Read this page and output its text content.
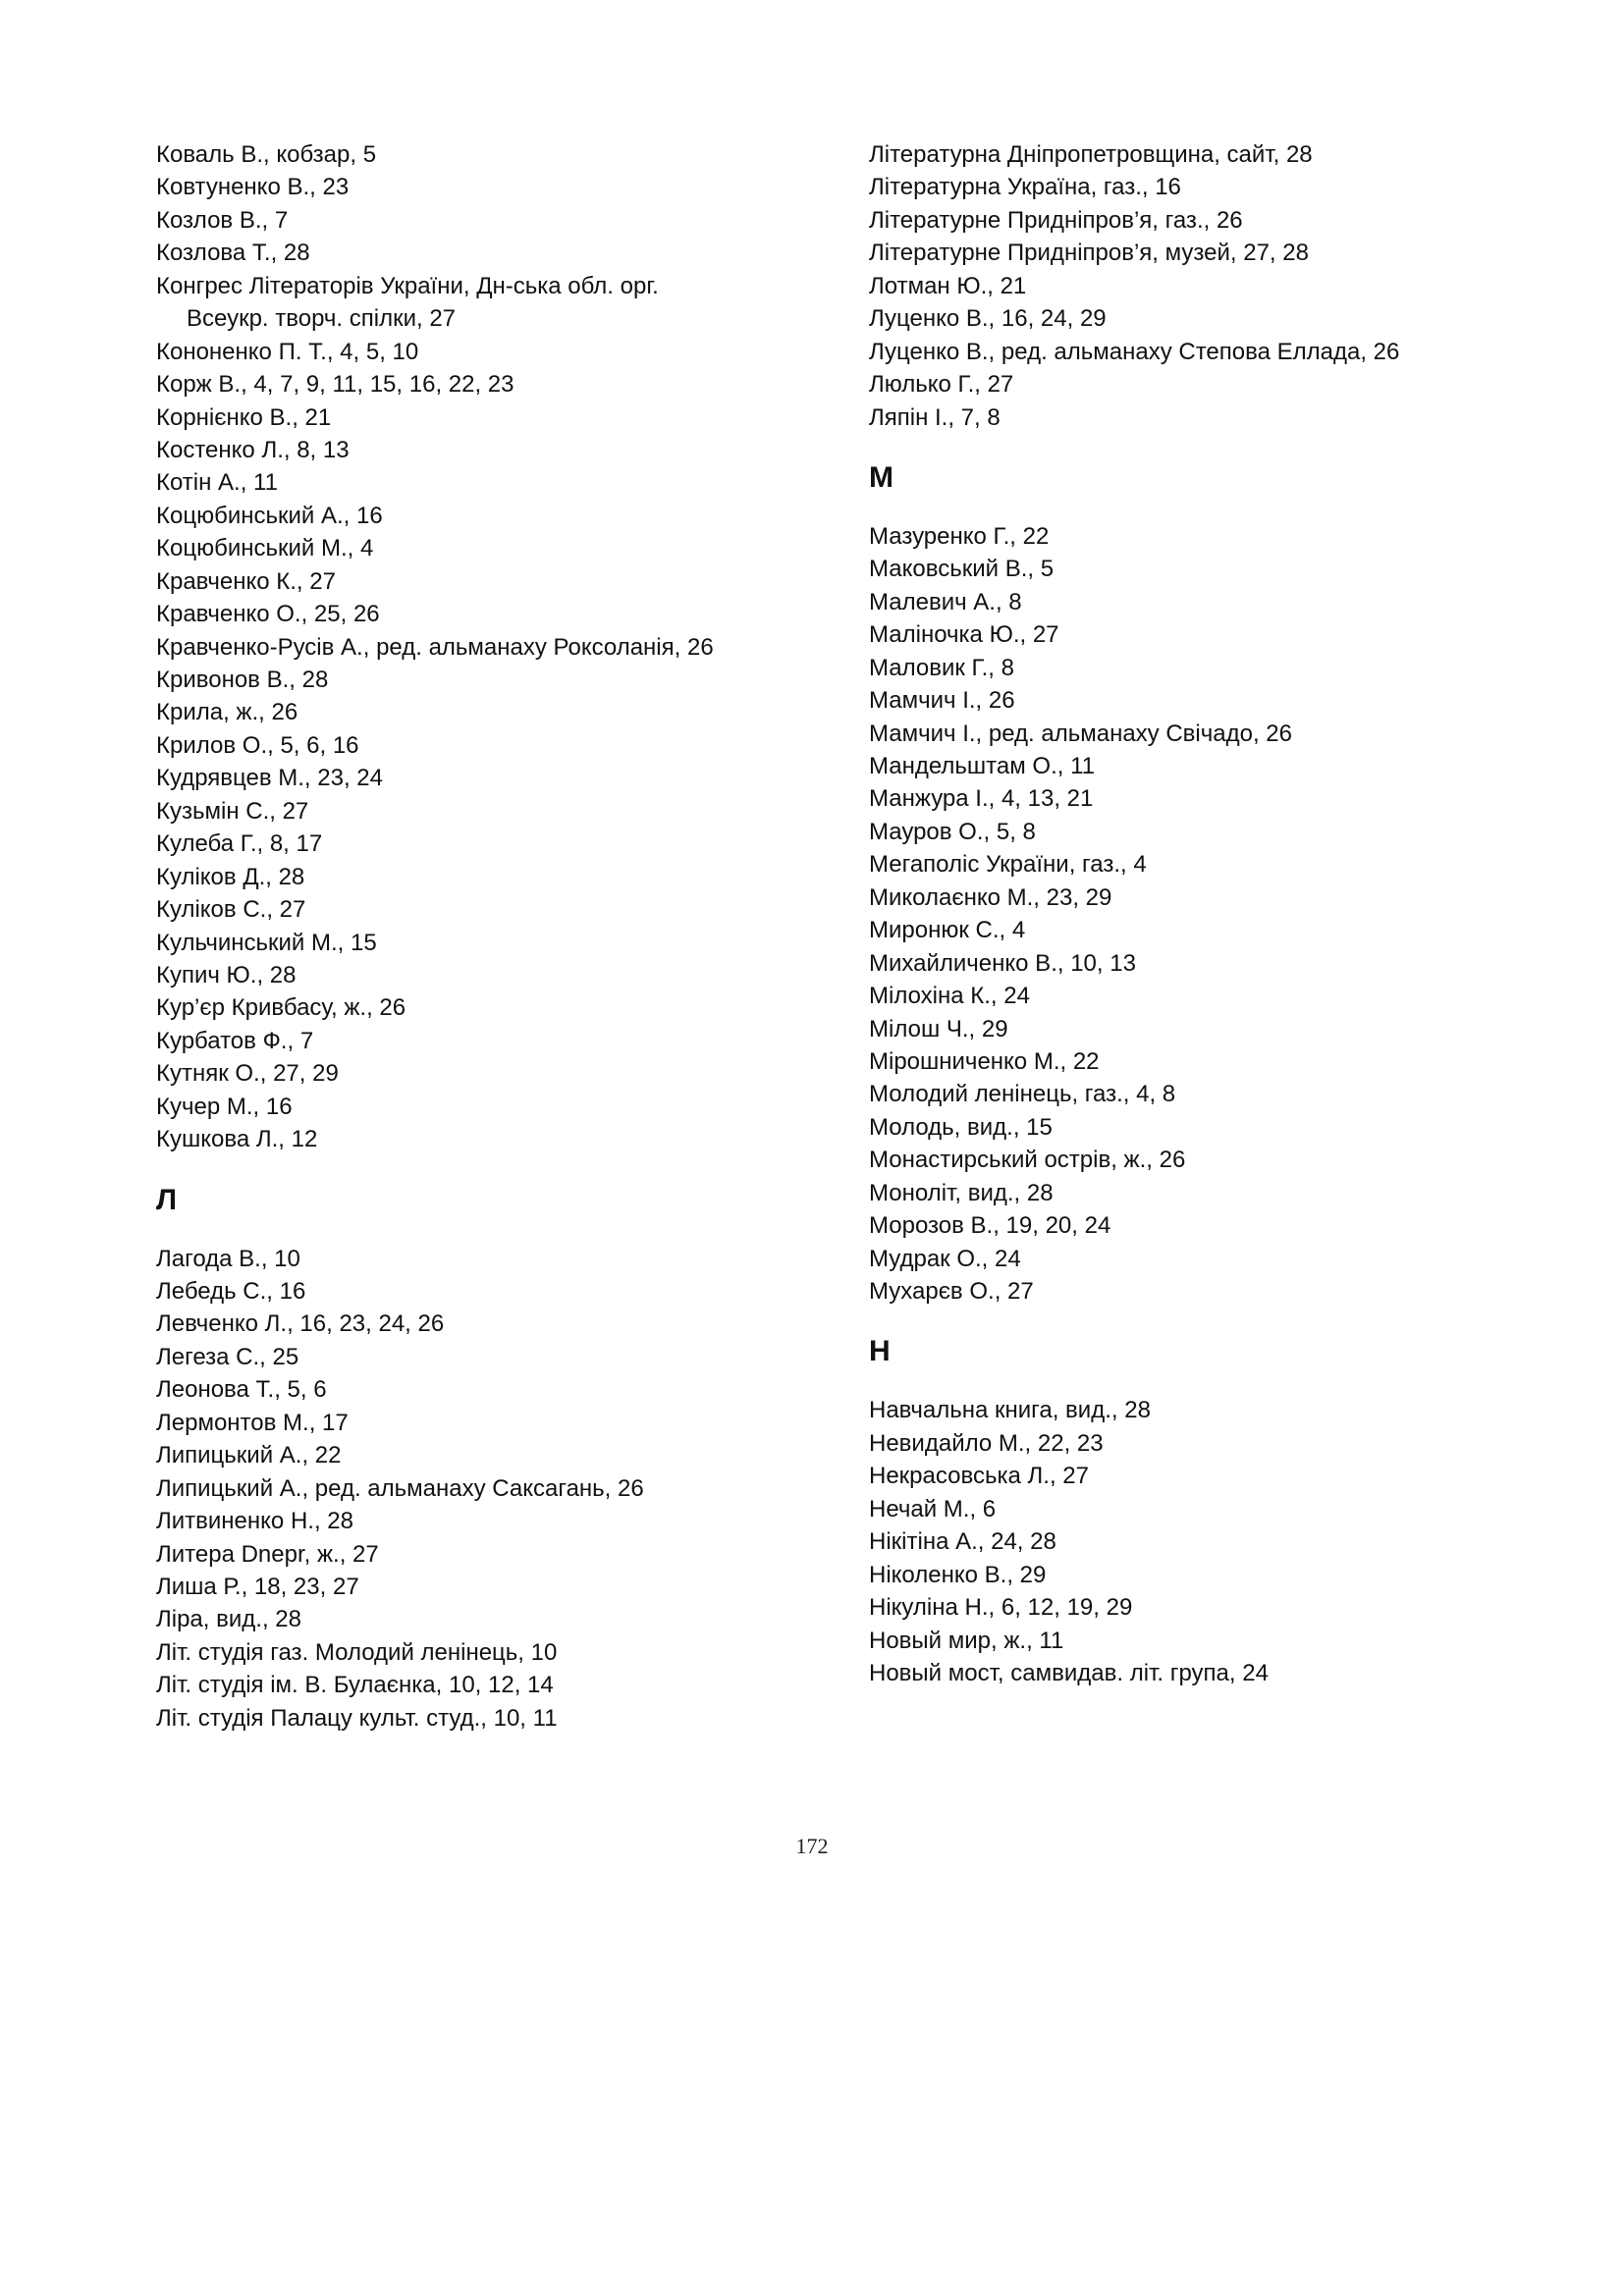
Коваль В., кобзар, 5
Ковтуненко В., 23
Козлов В., 7
Козлова Т., 28
Конгрес Літераторів України, Дн-ська обл. орг.
Всеукр. творч. спілки, 27
Кононенко П. Т., 4, 5, 10
Корж В., 4, 7, 9, 11, 15, 16, 22, 23
Корнієнко В., 21
Костенко Л., 8, 13
Котін А., 11
Коцюбинський А., 16
Коцюбинський М., 4
Кравченко К., 27
Кравченко О., 25, 26
Кравченко-Русів А., ред. альманаху Роксоланія, 26
Кривонов В., 28
Крила, ж., 26
Крилов О., 5, 6, 16
Кудрявцев М., 23, 24
Кузьмін С., 27
Кулеба Г., 8, 17
Куліков Д., 28
Куліков С., 27
Кульчинський М., 15
Купич Ю., 28
Кур’єр Кривбасу, ж., 26
Курбатов Ф., 7
Кутняк О., 27, 29
Кучер М., 16
Кушкова Л., 12
Л
Лагода В., 10
Лебедь С., 16
Левченко Л., 16, 23, 24, 26
Легеза С., 25
Леонова Т., 5, 6
Лермонтов М., 17
Липицький А., 22
Липицький А., ред. альманаху Саксагань, 26
Литвиненко Н., 28
Литера Dnepr, ж., 27
Лиша Р., 18, 23, 27
Ліра, вид., 28
Літ. студія газ. Молодий ленінець, 10
Літ. студія ім. В. Булаєнка, 10, 12, 14
Літ. студія Палацу культ. студ., 10, 11
Літературна Дніпропетровщина, сайт, 28
Літературна Україна, газ., 16
Літературне Придніпров’я, газ., 26
Літературне Придніпров’я, музей, 27, 28
Лотман Ю., 21
Луценко В., 16, 24, 29
Луценко В., ред. альманаху Степова Еллада, 26
Люлько Г., 27
Ляпін І., 7, 8
М
Мазуренко Г., 22
Маковський В., 5
Малевич А., 8
Маліночка Ю., 27
Маловик Г., 8
Мамчич І., 26
Мамчич І., ред. альманаху Свічадо, 26
Мандельштам О., 11
Манжура І., 4, 13, 21
Мауров О., 5, 8
Мегаполіс України, газ., 4
Миколаєнко М., 23, 29
Миронюк С., 4
Михайличенко В., 10, 13
Мілохіна К., 24
Мілош Ч., 29
Мірошниченко М., 22
Молодий ленінець, газ., 4, 8
Молодь, вид., 15
Монастирський острів, ж., 26
Моноліт, вид., 28
Морозов В., 19, 20, 24
Мудрак О., 24
Мухарєв О., 27
Н
Навчальна книга, вид., 28
Невидайло М., 22, 23
Некрасовська Л., 27
Нечай М., 6
Нікітіна А., 24, 28
Ніколенко В., 29
Нікуліна Н., 6, 12, 19, 29
Новый мир, ж., 11
Новый мост, самвидав. літ. група, 24
172
